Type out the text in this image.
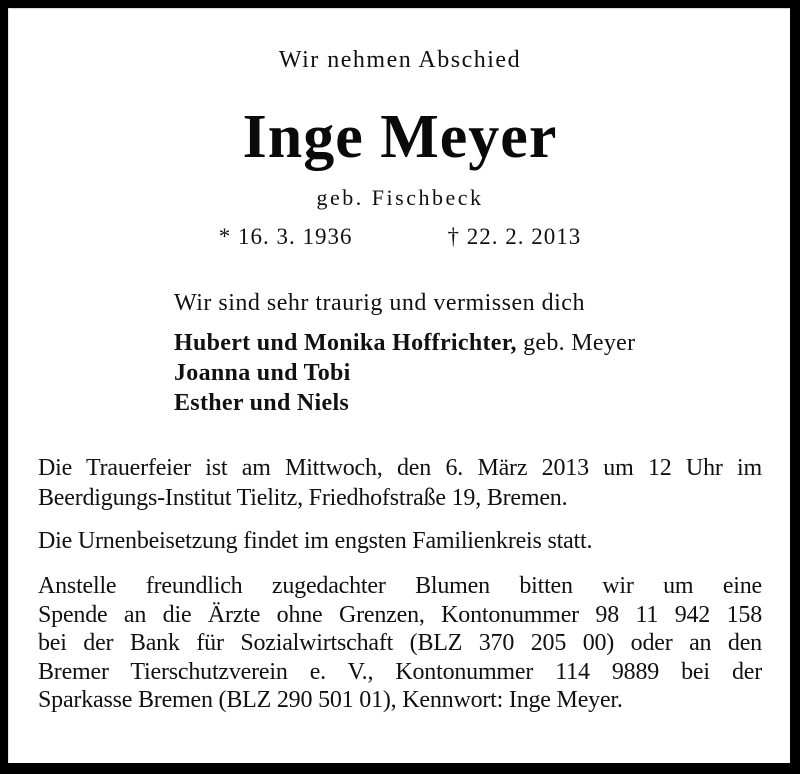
Wir nehmen Abschied
Inge Meyer
geb. Fischbeck
* 16. 3. 1936	† 22. 2. 2013
Wir sind sehr traurig und vermissen dich
Hubert und Monika Hoffrichter, geb. Meyer
Joanna und Tobi
Esther und Niels
Die Trauerfeier ist am Mittwoch, den 6. März 2013 um 12 Uhr im
Beerdigungs-Institut Tielitz, Friedhofstraße 19, Bremen.
Die Urnenbeisetzung findet im engsten Familienkreis statt.
Anstelle freundlich zugedachter Blumen bitten wir um eine
Spende an die Ärzte ohne Grenzen, Kontonummer 98 11 942 158
bei der Bank für Sozialwirtschaft (BLZ 370 205 00) oder an den
Bremer Tierschutzverein e. V., Kontonummer 114 9889 bei der
Sparkasse Bremen (BLZ 290 501 01), Kennwort: Inge Meyer.
